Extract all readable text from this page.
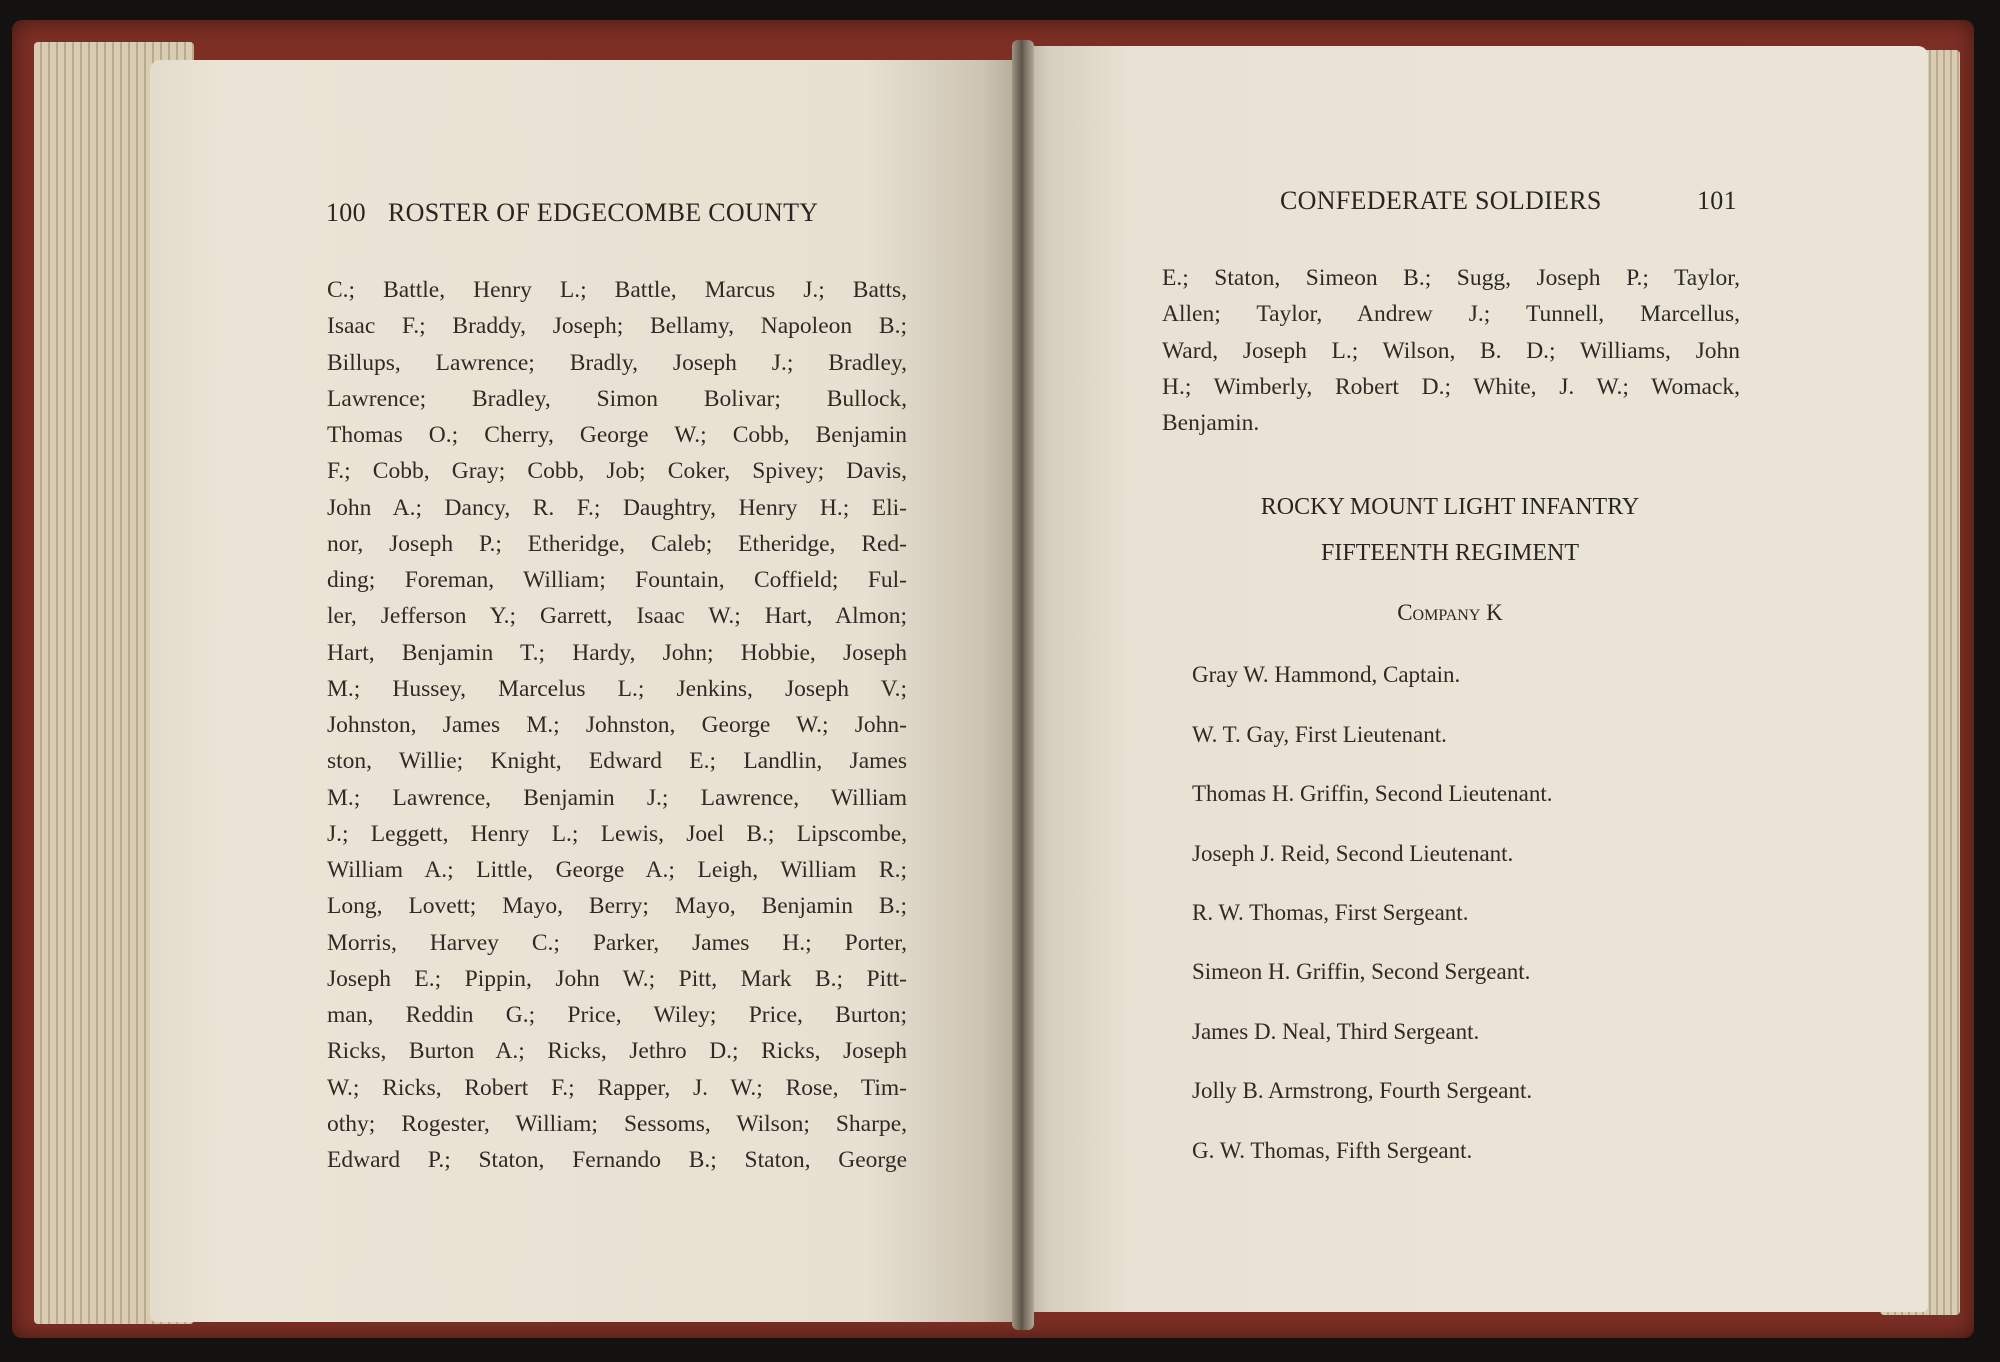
100 ROSTER OF EDGECOMBE COUNTY
C.; Battle, Henry L.; Battle, Marcus J.; Batts,
Isaac F.; Braddy, Joseph; Bellamy, Napoleon B.;
Billups, Lawrence; Bradly, Joseph J.; Bradley,
Lawrence; Bradley, Simon Bolivar; Bullock,
Thomas O.; Cherry, George W.; Cobb, Benjamin
F.; Cobb, Gray; Cobb, Job; Coker, Spivey; Davis,
John A.; Dancy, R. F.; Daughtry, Henry H.; Eli-
nor, Joseph P.; Etheridge, Caleb; Etheridge, Red-
ding; Foreman, William; Fountain, Coffield; Ful-
ler, Jefferson Y.; Garrett, Isaac W.; Hart, Almon;
Hart, Benjamin T.; Hardy, John; Hobbie, Joseph
M.; Hussey, Marcelus L.; Jenkins, Joseph V.;
Johnston, James M.; Johnston, George W.; John-
ston, Willie; Knight, Edward E.; Landlin, James
M.; Lawrence, Benjamin J.; Lawrence, William
J.; Leggett, Henry L.; Lewis, Joel B.; Lipscombe,
William A.; Little, George A.; Leigh, William R.;
Long, Lovett; Mayo, Berry; Mayo, Benjamin B.;
Morris, Harvey C.; Parker, James H.; Porter,
Joseph E.; Pippin, John W.; Pitt, Mark B.; Pitt-
man, Reddin G.; Price, Wiley; Price, Burton;
Ricks, Burton A.; Ricks, Jethro D.; Ricks, Joseph
W.; Ricks, Robert F.; Rapper, J. W.; Rose, Tim-
othy; Rogester, William; Sessoms, Wilson; Sharpe,
Edward P.; Staton, Fernando B.; Staton, George
CONFEDERATE SOLDIERS	101
E.; Staton, Simeon B.; Sugg, Joseph P.; Taylor,
Allen; Taylor, Andrew J.; Tunnell, Marcellus,
Ward, Joseph L.; Wilson, B. D.; Williams, John
H.; Wimberly, Robert D.; White, J. W.; Womack,
Benjamin.
ROCKY MOUNT LIGHT INFANTRY
FIFTEENTH REGIMENT
Company K
Gray W. Hammond, Captain.
W. T. Gay, First Lieutenant.
Thomas H. Griffin, Second Lieutenant.
Joseph J. Reid, Second Lieutenant.
R. W. Thomas, First Sergeant.
Simeon H. Griffin, Second Sergeant.
James D. Neal, Third Sergeant.
Jolly B. Armstrong, Fourth Sergeant.
G. W. Thomas, Fifth Sergeant.
